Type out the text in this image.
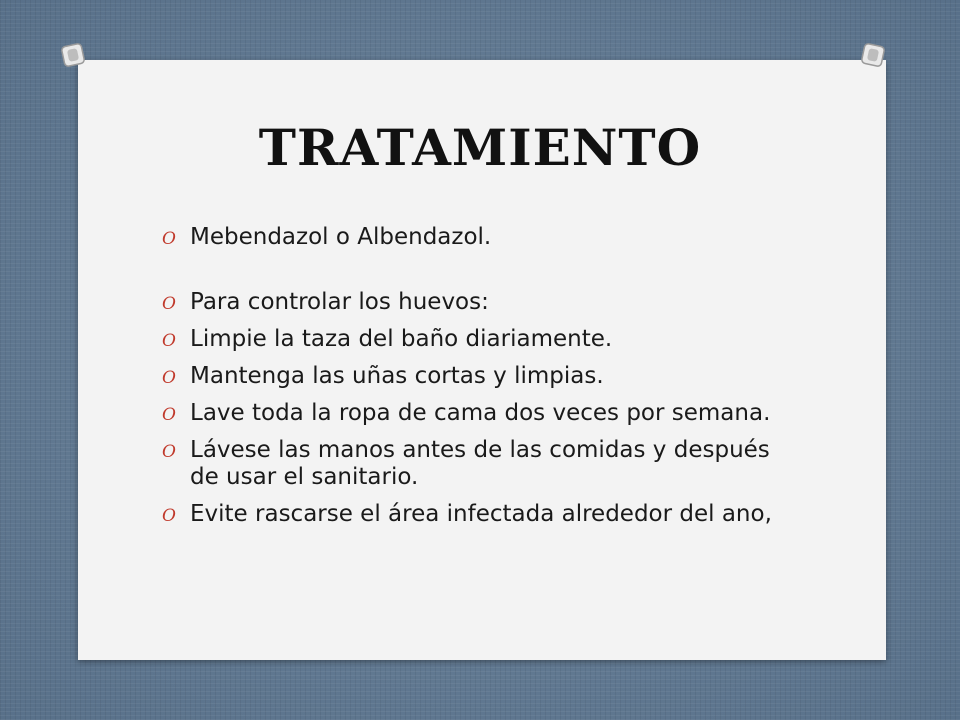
TRATAMIENTO
O Mebendazol o Albendazol.
O Para controlar los huevos:
O Limpie la taza del baño diariamente.
O Mantenga las uñas cortas y limpias.
O Lave toda la ropa de cama dos veces por semana.
O Lávese las manos antes de las comidas y después de usar el sanitario.
O Evite rascarse el área infectada alrededor del ano,
